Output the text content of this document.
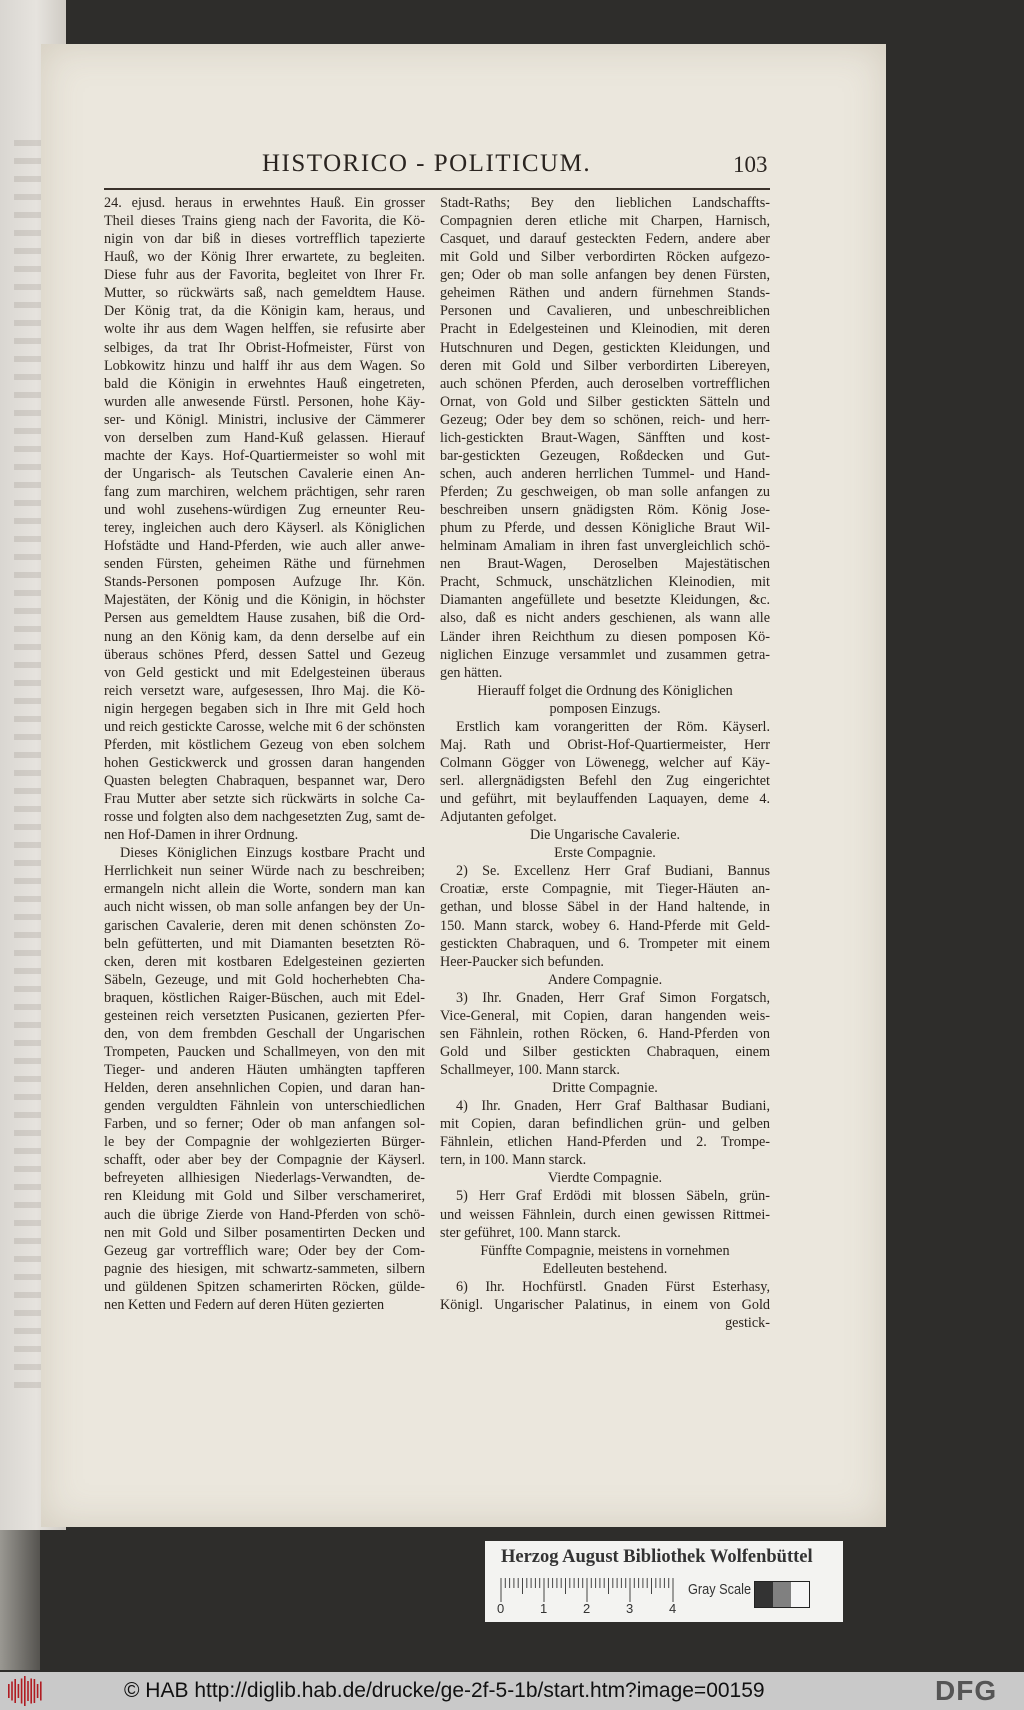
HISTORICO - POLITICUM.	103
24. ejusd. heraus in erwehntes Hauß. Ein grosser
Theil dieses Trains gieng nach der Favorita, die Kö-
nigin von dar biß in dieses vortrefflich tapezierte
Hauß, wo der König Ihrer erwartete, zu begleiten.
Diese fuhr aus der Favorita, begleitet von Ihrer Fr.
Mutter, so rückwärts saß, nach gemeldtem Hause.
Der König trat, da die Königin kam, heraus, und
wolte ihr aus dem Wagen helffen, sie refusirte aber
selbiges, da trat Ihr Obrist-Hofmeister, Fürst von
Lobkowitz hinzu und halff ihr aus dem Wagen. So
bald die Königin in erwehntes Hauß eingetreten,
wurden alle anwesende Fürstl. Personen, hohe Käy-
ser- und Königl. Ministri, inclusive der Cämmerer
von derselben zum Hand-Kuß gelassen. Hierauf
machte der Kays. Hof-Quartiermeister so wohl mit
der Ungarisch- als Teutschen Cavalerie einen An-
fang zum marchiren, welchem prächtigen, sehr raren
und wohl zusehens-würdigen Zug erneunter Reu-
terey, ingleichen auch dero Käyserl. als Königlichen
Hofstädte und Hand-Pferden, wie auch aller anwe-
senden Fürsten, geheimen Räthe und fürnehmen
Stands-Personen pomposen Aufzuge Ihr. Kön.
Majestäten, der König und die Königin, in höchster
Persen aus gemeldtem Hause zusahen, biß die Ord-
nung an den König kam, da denn derselbe auf ein
überaus schönes Pferd, dessen Sattel und Gezeug
von Geld gestickt und mit Edelgesteinen überaus
reich versetzt ware, aufgesessen, Ihro Maj. die Kö-
nigin hergegen begaben sich in Ihre mit Geld hoch
und reich gestickte Carosse, welche mit 6 der schönsten
Pferden, mit köstlichem Gezeug von eben solchem
hohen Gestickwerck und grossen daran hangenden
Quasten belegten Chabraquen, bespannet war, Dero
Frau Mutter aber setzte sich rückwärts in solche Ca-
rosse und folgten also dem nachgesetzten Zug, samt de-
nen Hof-Damen in ihrer Ordnung.
Dieses Königlichen Einzugs kostbare Pracht und
Herrlichkeit nun seiner Würde nach zu beschreiben;
ermangeln nicht allein die Worte, sondern man kan
auch nicht wissen, ob man solle anfangen bey der Un-
garischen Cavalerie, deren mit denen schönsten Zo-
beln gefütterten, und mit Diamanten besetzten Rö-
cken, deren mit kostbaren Edelgesteinen gezierten
Säbeln, Gezeuge, und mit Gold hocherhebten Cha-
braquen, köstlichen Raiger-Büschen, auch mit Edel-
gesteinen reich versetzten Pusicanen, gezierten Pfer-
den, von dem frembden Geschall der Ungarischen
Trompeten, Paucken und Schallmeyen, von den mit
Tieger- und anderen Häuten umhängten tapfferen
Helden, deren ansehnlichen Copien, und daran han-
genden verguldten Fähnlein von unterschiedlichen
Farben, und so ferner; Oder ob man anfangen sol-
le bey der Compagnie der wohlgezierten Bürger-
schafft, oder aber bey der Compagnie der Käyserl.
befreyeten allhiesigen Niederlags-Verwandten, de-
ren Kleidung mit Gold und Silber verschameriret,
auch die übrige Zierde von Hand-Pferden von schö-
nen mit Gold und Silber posamentirten Decken und
Gezeug gar vortrefflich ware; Oder bey der Com-
pagnie des hiesigen, mit schwartz-sammeten, silbern
und güldenen Spitzen schamerirten Röcken, gülde-
nen Ketten und Federn auf deren Hüten gezierten
Stadt-Raths; Bey den lieblichen Landschaffts-
Compagnien deren etliche mit Charpen, Harnisch,
Casquet, und darauf gesteckten Federn, andere aber
mit Gold und Silber verbordirten Röcken aufgezo-
gen; Oder ob man solle anfangen bey denen Fürsten,
geheimen Räthen und andern fürnehmen Stands-
Personen und Cavalieren, und unbeschreiblichen
Pracht in Edelgesteinen und Kleinodien, mit deren
Hutschnuren und Degen, gestickten Kleidungen, und
deren mit Gold und Silber verbordirten Libereyen,
auch schönen Pferden, auch deroselben vortrefflichen
Ornat, von Gold und Silber gestickten Sätteln und
Gezeug; Oder bey dem so schönen, reich- und herr-
lich-gestickten Braut-Wagen, Sänfften und kost-
bar-gestickten Gezeugen, Roßdecken und Gut-
schen, auch anderen herrlichen Tummel- und Hand-
Pferden; Zu geschweigen, ob man solle anfangen zu
beschreiben unsern gnädigsten Röm. König Jose-
phum zu Pferde, und dessen Königliche Braut Wil-
helminam Amaliam in ihren fast unvergleichlich schö-
nen Braut-Wagen, Deroselben Majestätischen
Pracht, Schmuck, unschätzlichen Kleinodien, mit
Diamanten angefüllete und besetzte Kleidungen, &c.
also, daß es nicht anders geschienen, als wann alle
Länder ihren Reichthum zu diesen pomposen Kö-
niglichen Einzuge versammlet und zusammen getra-
gen hätten.
Hierauff folget die Ordnung des Königlichen
pomposen Einzugs.
Erstlich kam vorangeritten der Röm. Käyserl.
Maj. Rath und Obrist-Hof-Quartiermeister, Herr
Colmann Gögger von Löwenegg, welcher auf Käy-
serl. allergnädigsten Befehl den Zug eingerichtet
und geführt, mit beylauffenden Laquayen, deme 4.
Adjutanten gefolget.
Die Ungarische Cavalerie.
Erste Compagnie.
2) Se. Excellenz Herr Graf Budiani, Bannus
Croatiæ, erste Compagnie, mit Tieger-Häuten an-
gethan, und blosse Säbel in der Hand haltende, in
150. Mann starck, wobey 6. Hand-Pferde mit Geld-
gestickten Chabraquen, und 6. Trompeter mit einem
Heer-Paucker sich befunden.
Andere Compagnie.
3) Ihr. Gnaden, Herr Graf Simon Forgatsch,
Vice-General, mit Copien, daran hangenden weis-
sen Fähnlein, rothen Röcken, 6. Hand-Pferden von
Gold und Silber gestickten Chabraquen, einem
Schallmeyer, 100. Mann starck.
Dritte Compagnie.
4) Ihr. Gnaden, Herr Graf Balthasar Budiani,
mit Copien, daran befindlichen grün- und gelben
Fähnlein, etlichen Hand-Pferden und 2. Trompe-
tern, in 100. Mann starck.
Vierdte Compagnie.
5) Herr Graf Erdödi mit blossen Säbeln, grün-
und weissen Fähnlein, durch einen gewissen Rittmei-
ster geführet, 100. Mann starck.
Fünffte Compagnie, meistens in vornehmen
Edelleuten bestehend.
6) Ihr. Hochfürstl. Gnaden Fürst Esterhasy,
Königl. Ungarischer Palatinus, in einem von Gold
gestick-
Herzog August Bibliothek Wolfenbüttel
0	1	2	3	4
Gray Scale
© HAB http://diglib.hab.de/drucke/ge-2f-5-1b/start.htm?image=00159	DFG
